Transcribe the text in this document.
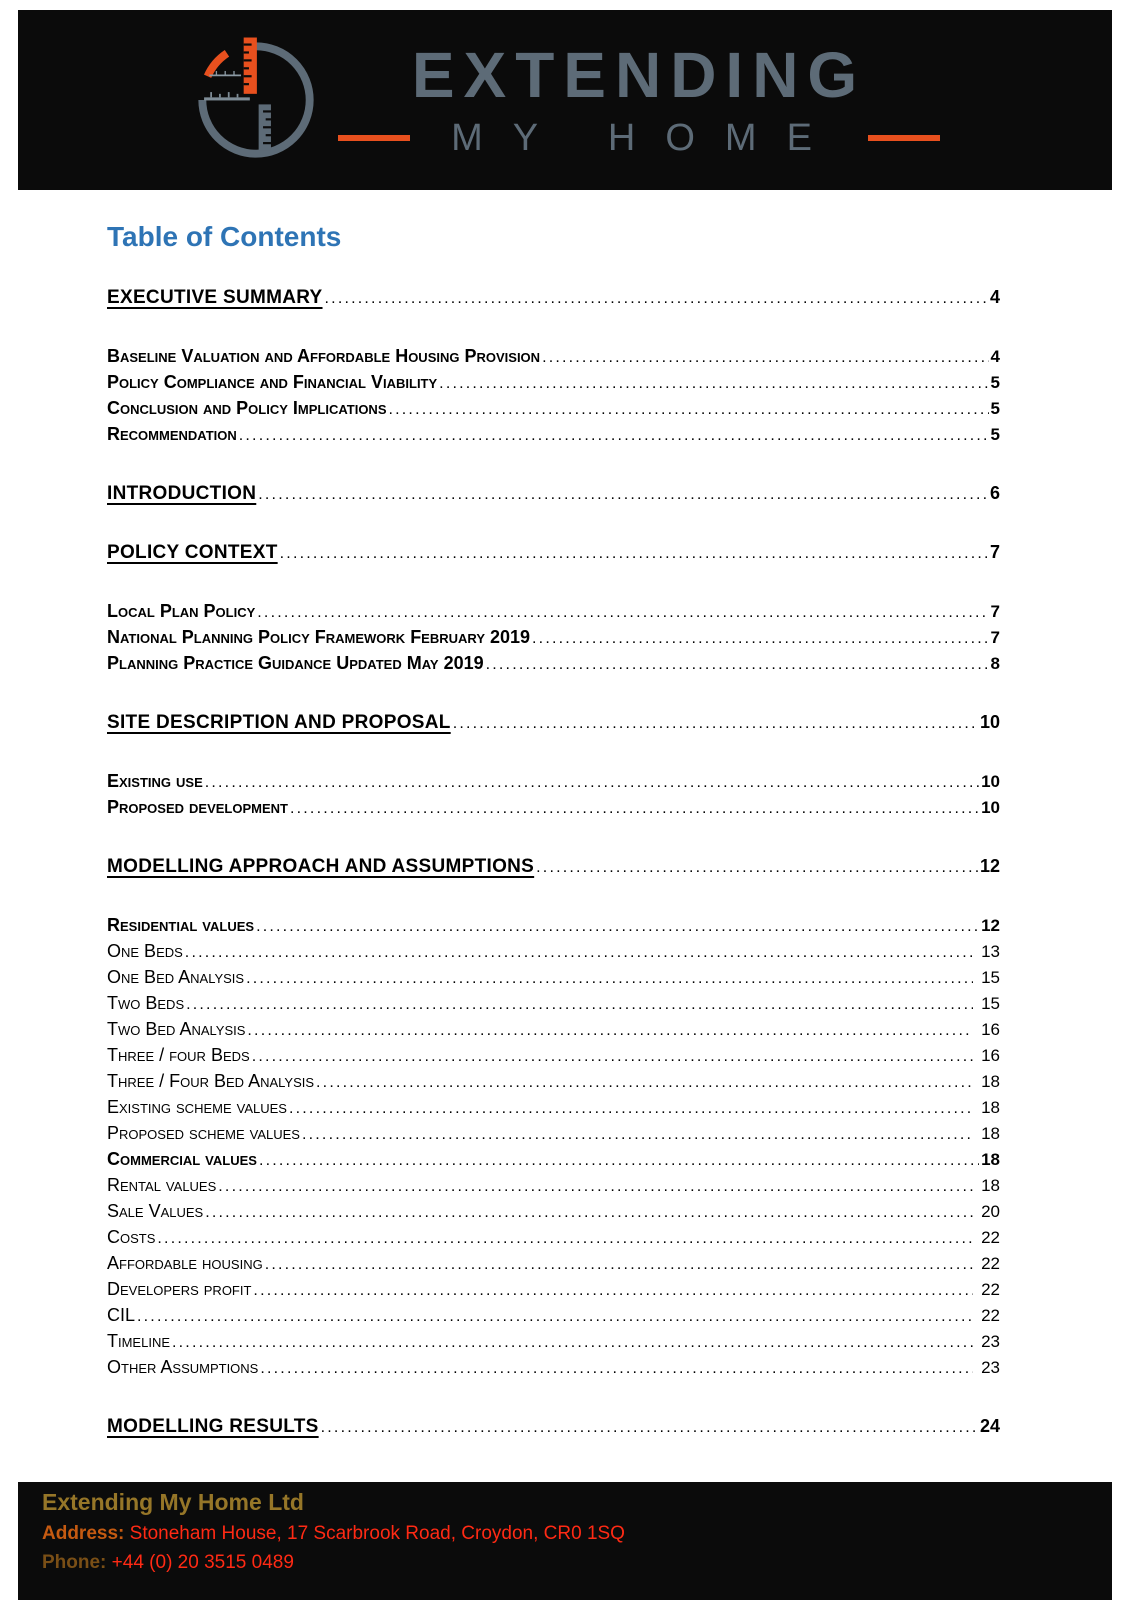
EXTENDING
MY HOME
Table of Contents
EXECUTIVE SUMMARY .....	4
Baseline Valuation and Affordable Housing Provision .....	4
Policy Compliance and Financial Viability .....	5
Conclusion and Policy Implications .....	5
Recommendation .....	5
INTRODUCTION .....	6
POLICY CONTEXT .....	7
Local Plan Policy .....	7
National Planning Policy Framework February 2019 .....	7
Planning Practice Guidance Updated May 2019 .....	8
SITE DESCRIPTION AND PROPOSAL .....	10
Existing use .....	10
Proposed development .....	10
MODELLING APPROACH AND ASSUMPTIONS .....	12
Residential values .....	12
One Beds .....	13
One Bed Analysis .....	15
Two Beds .....	15
Two Bed Analysis .....	16
Three / four Beds .....	16
Three / Four Bed Analysis .....	18
Existing scheme values .....	18
Proposed scheme values .....	18
Commercial values .....	18
Rental values .....	18
Sale Values .....	20
Costs .....	22
Affordable housing .....	22
Developers profit .....	22
CIL .....	22
Timeline .....	23
Other Assumptions .....	23
MODELLING RESULTS .....	24
Extending My Home Ltd
Address: Stoneham House, 17 Scarbrook Road, Croydon, CR0 1SQ
Phone: +44 (0) 20 3515 0489
